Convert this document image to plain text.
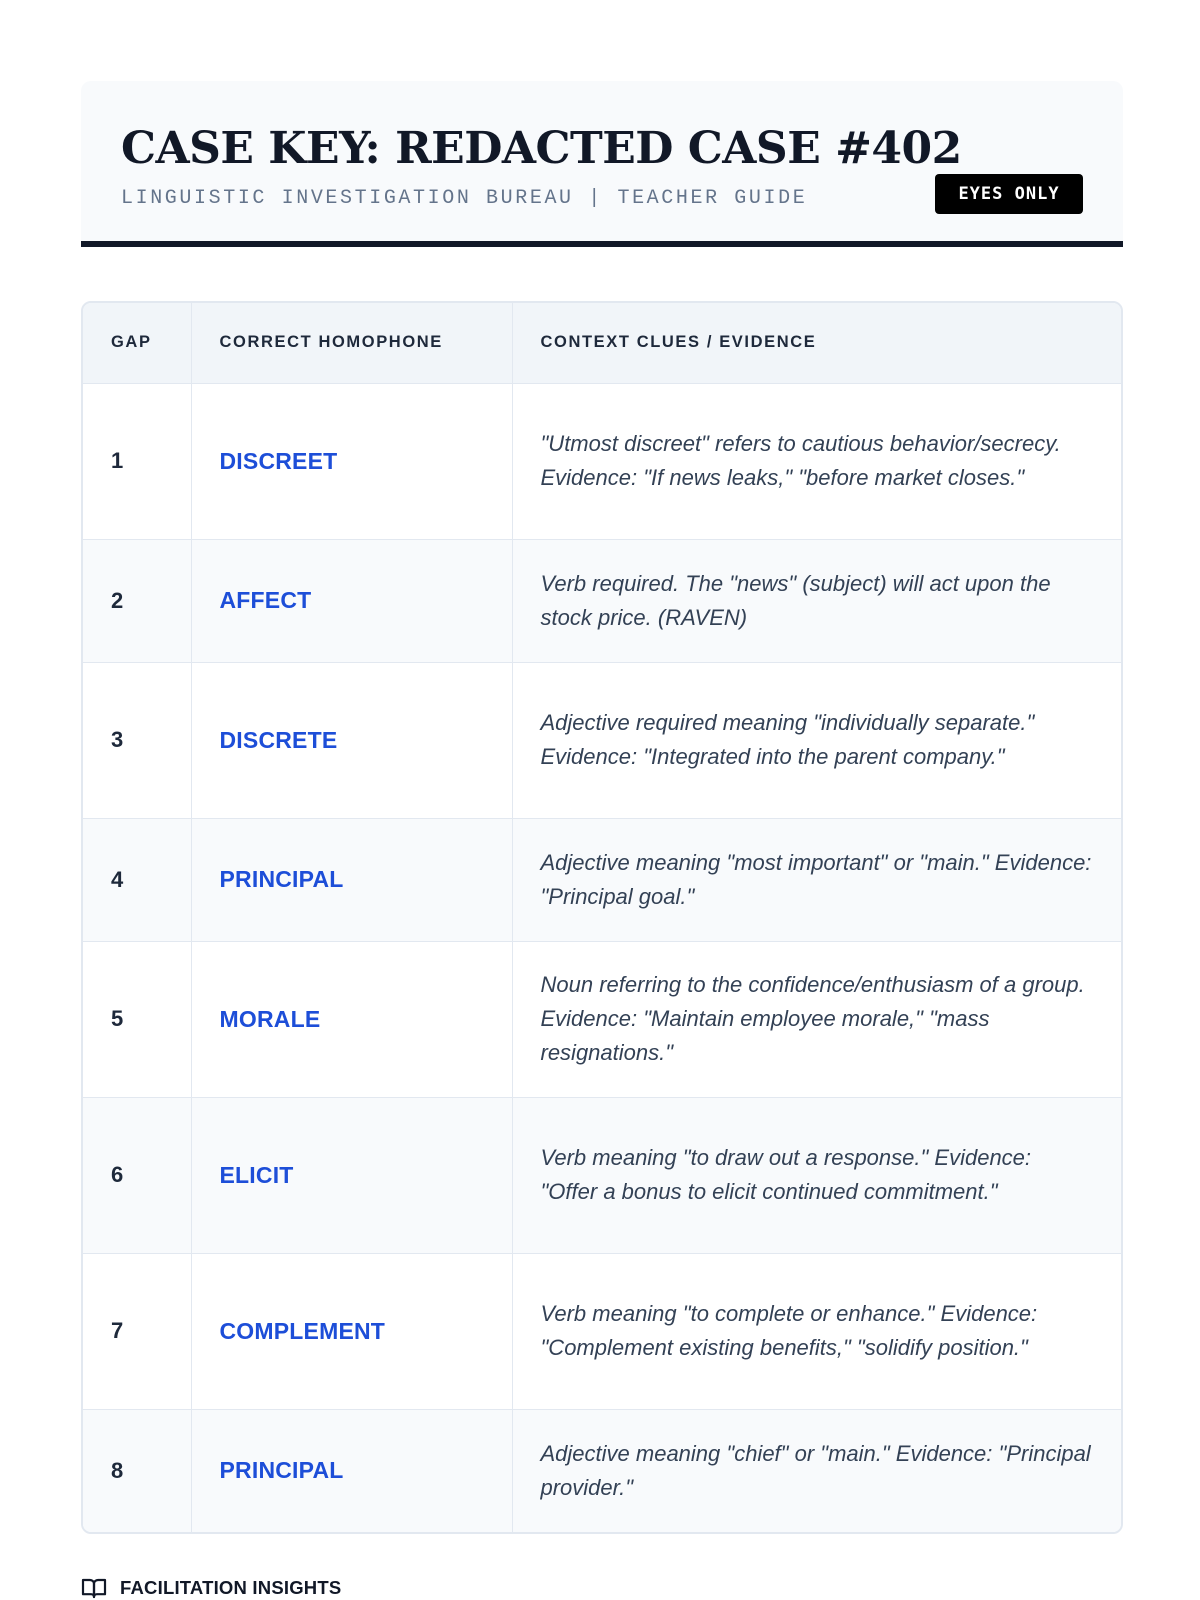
CASE KEY: REDACTED CASE #402
LINGUISTIC INVESTIGATION BUREAU | TEACHER GUIDE	EYES ONLY
GAP	CORRECT HOMOPHONE	CONTEXT CLUES / EVIDENCE
1	DISCREET	"Utmost discreet" refers to cautious behavior/secrecy. Evidence: "If news leaks," "before market closes."

2	AFFECT	Verb required. The "news" (subject) will act upon the stock price. (RAVEN)

3	DISCRETE	Adjective required meaning "individually separate." Evidence: "Integrated into the parent company."

4	PRINCIPAL	Adjective meaning "most important" or "main." Evidence: "Principal goal."

5	MORALE	Noun referring to the confidence/enthusiasm of a group. Evidence: "Maintain employee morale," "mass resignations."

6	ELICIT	Verb meaning "to draw out a response." Evidence: "Offer a bonus to elicit continued commitment."

7	COMPLEMENT	Verb meaning "to complete or enhance." Evidence: "Complement existing benefits," "solidify position."

8	PRINCIPAL	Adjective meaning "chief" or "main." Evidence: "Principal provider."
FACILITATION INSIGHTS
